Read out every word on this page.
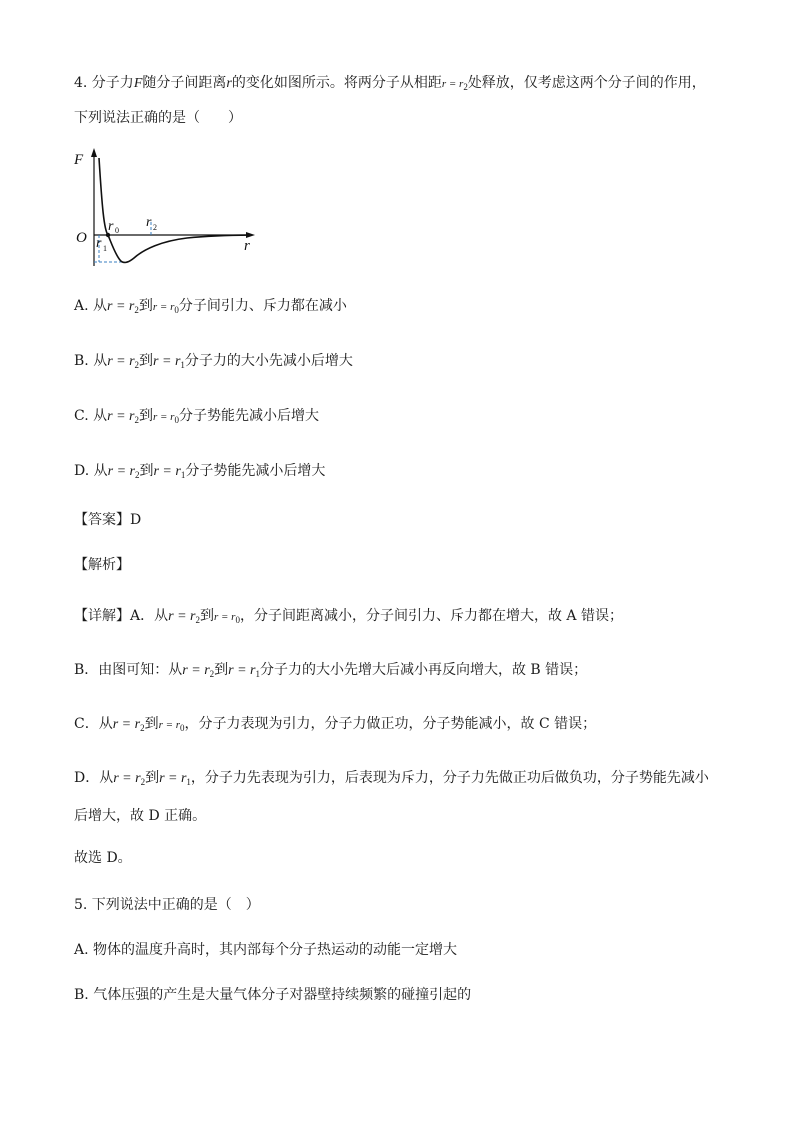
4. 分子力F随分子间距离r的变化如图所示。将两分子从相距$r = r_2$处释放，仅考虑这两个分子间的作用，
下列说法正确的是（　　）
F
O	r
r 0
r 1
r 2
A. 从$r = r_2$到$r = r_0$分子间引力、斥力都在减小
B. 从$r = r_2$到$r = r_1$分子力的大小先减小后增大
C. 从$r = r_2$到$r = r_0$分子势能先减小后增大
D. 从$r = r_2$到$r = r_1$分子势能先减小后增大
【答案】D
【解析】
【详解】A．从$r = r_2$到$r = r_0$，分子间距离减小，分子间引力、斥力都在增大，故 A 错误；
B．由图可知：从$r = r_2$到$r = r_1$分子力的大小先增大后减小再反向增大，故 B 错误；
C．从$r = r_2$到$r = r_0$，分子力表现为引力，分子力做正功，分子势能减小，故 C 错误；
D．从$r = r_2$到$r = r_1$，分子力先表现为引力，后表现为斥力，分子力先做正功后做负功，分子势能先减小
后增大，故 D 正确。
故选 D。
5. 下列说法中正确的是（　）
A. 物体的温度升高时，其内部每个分子热运动的动能一定增大
B. 气体压强的产生是大量气体分子对器壁持续频繁的碰撞引起的
